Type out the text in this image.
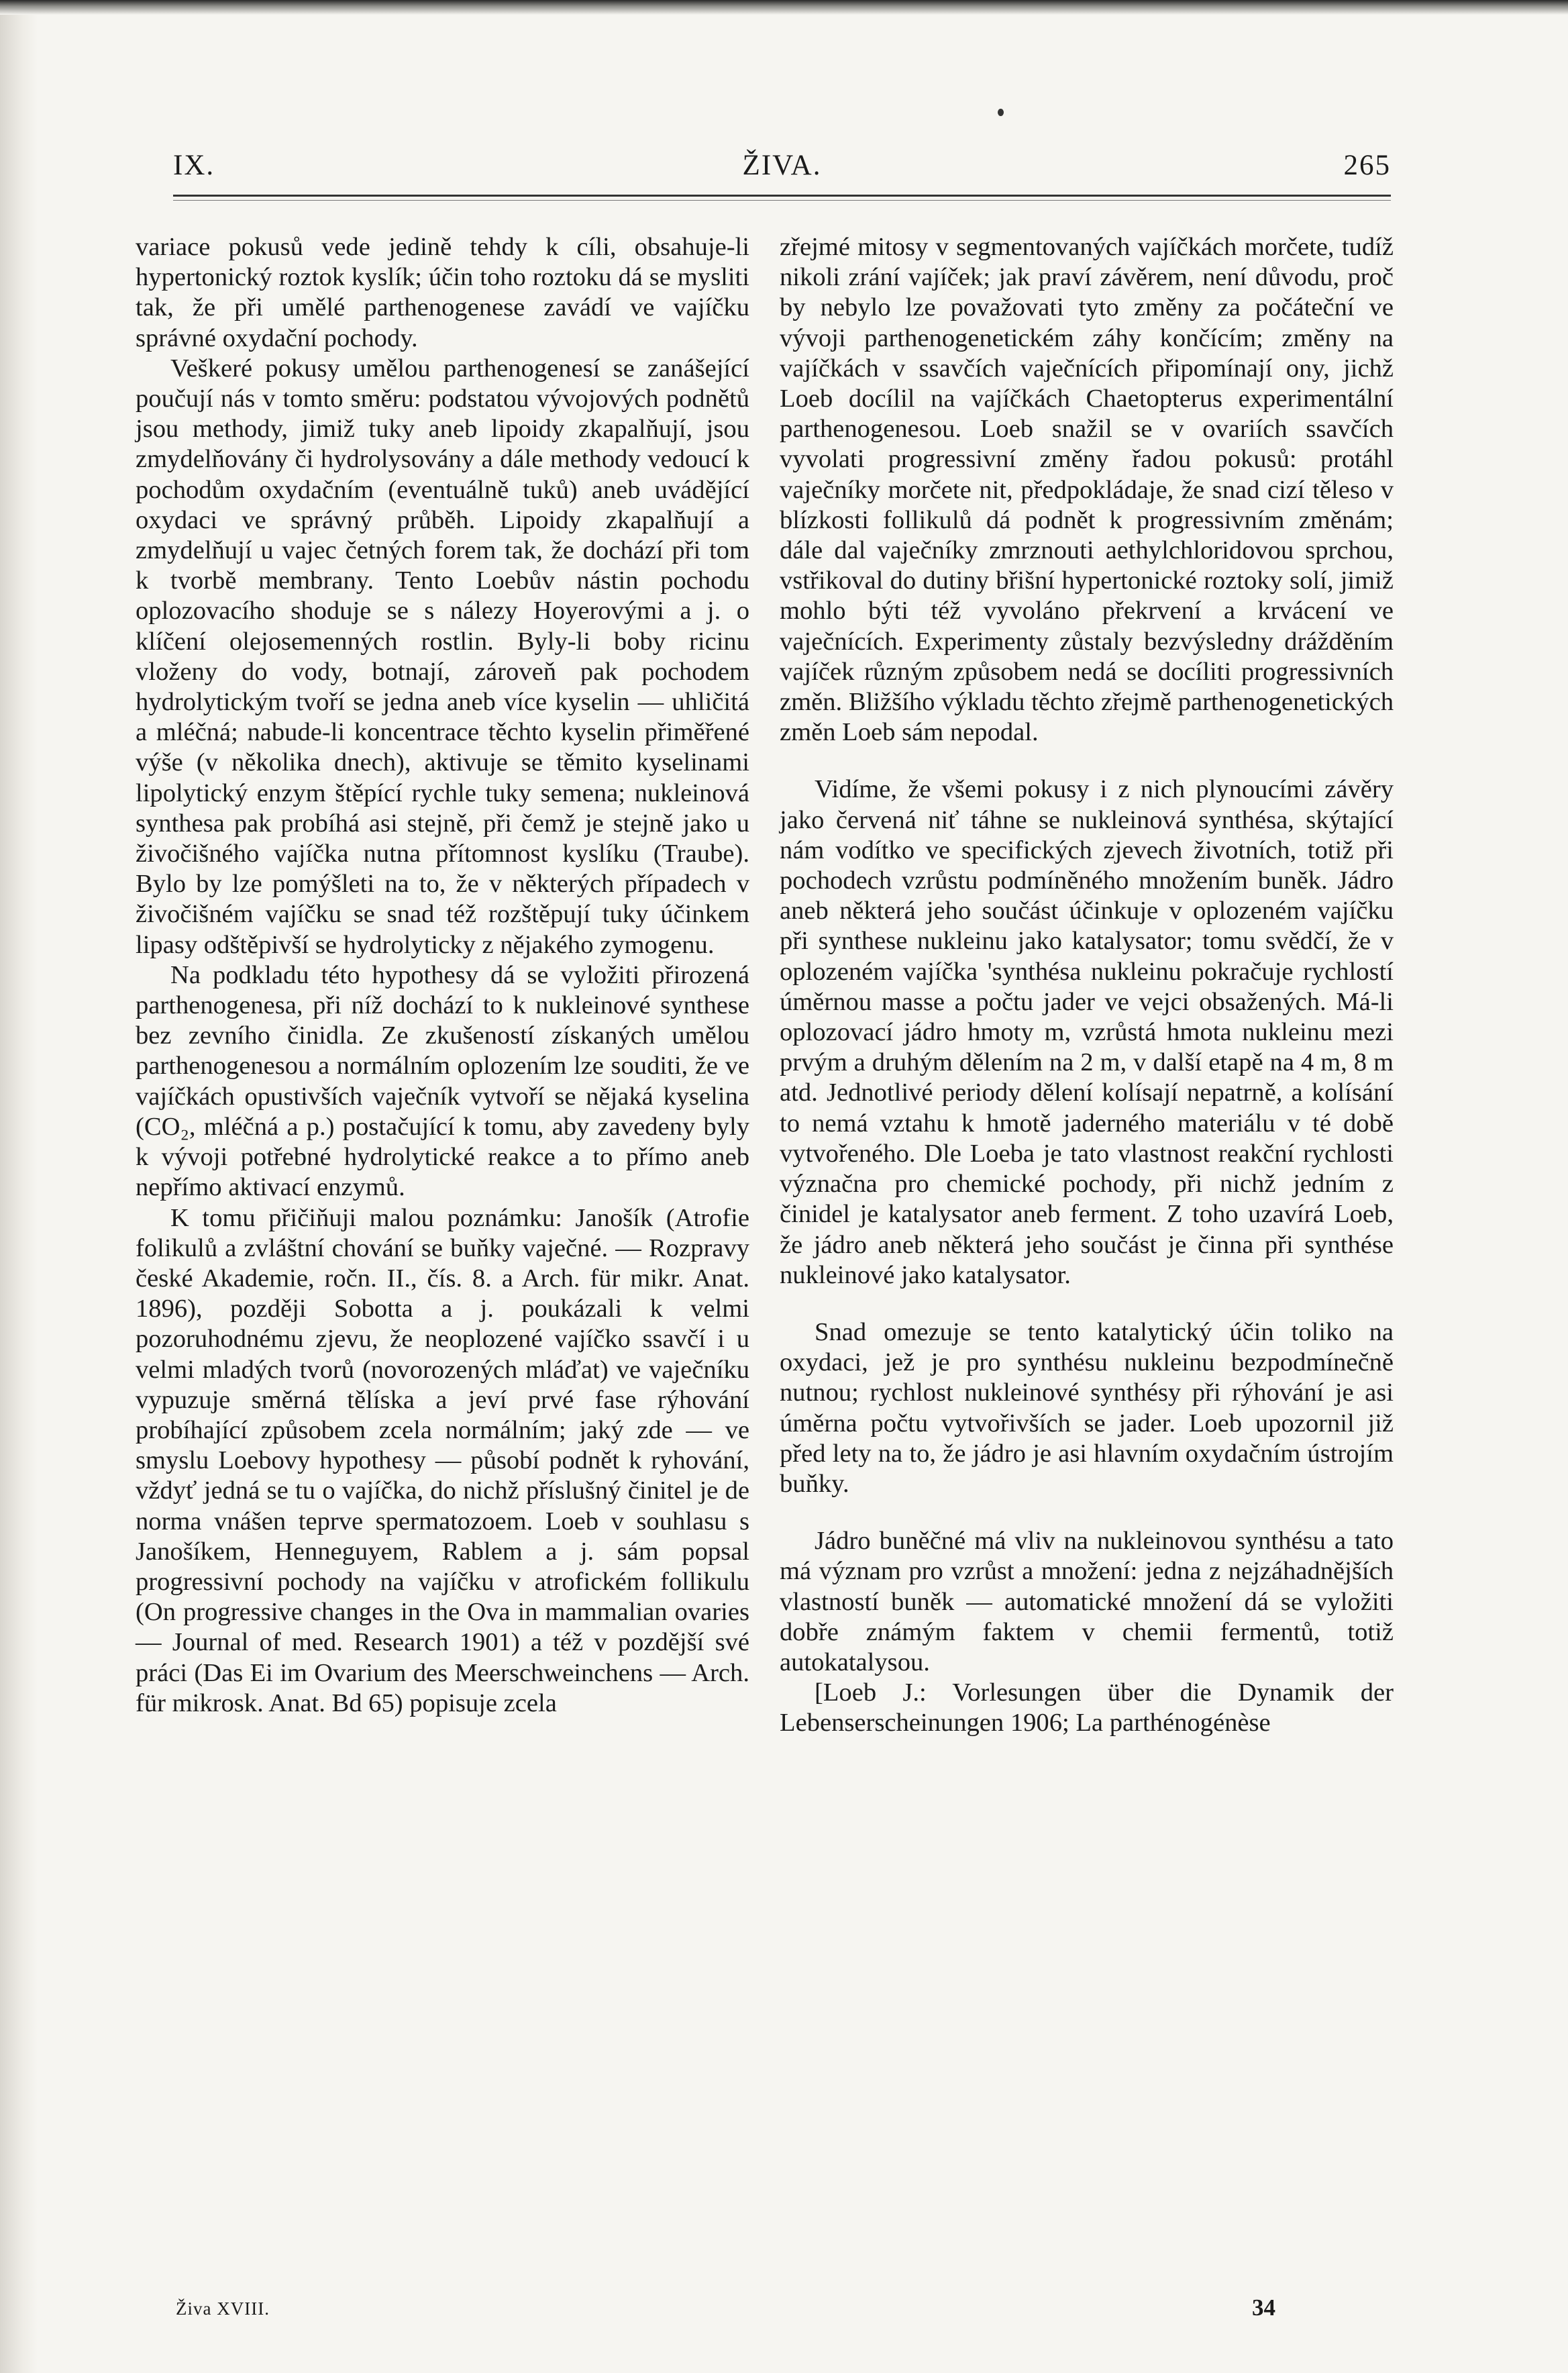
IX.	ŽIVA.	265

variace pokusů vede jedině tehdy k cíli, obsahuje-li hypertonický roztok kyslík; účin toho roztoku dá se mysliti tak, že při umělé parthenogenese zavádí ve vajíčku správné oxydační pochody.

Veškeré pokusy umělou parthenogenesí se zanášející poučují nás v tomto směru: podstatou vývojových podnětů jsou methody, jimiž tuky aneb lipoidy zkapalňují, jsou zmydelňovány či hydrolysovány a dále methody vedoucí k pochodům oxydačním (eventuálně tuků) aneb uvádějící oxydaci ve správný průběh. Lipoidy zkapalňují a zmydelňují u vajec četných forem tak, že dochází při tom k tvorbě membrany. Tento Loebův nástin pochodu oplozovacího shoduje se s nálezy Hoyerovými a j. o klíčení olejosemenných rostlin. Byly-li boby ricinu vloženy do vody, botnají, zároveň pak pochodem hydrolytickým tvoří se jedna aneb více kyselin — uhličitá a mléčná; nabude-li koncentrace těchto kyselin přiměřené výše (v několika dnech), aktivuje se těmito kyselinami lipolytický enzym štěpící rychle tuky semena; nukleinová synthesa pak probíhá asi stejně, při čemž je stejně jako u živočišného vajíčka nutna přítomnost kyslíku (Traube). Bylo by lze pomýšleti na to, že v některých případech v živočišném vajíčku se snad též rozštěpují tuky účinkem lipasy odštěpivší se hydrolyticky z nějakého zymogenu.

Na podkladu této hypothesy dá se vyložiti přirozená parthenogenesa, při níž dochází to k nukleinové synthese bez zevního činidla. Ze zkušeností získaných umělou parthenogenesou a normálním oplozením lze souditi, že ve vajíčkách opustivších vaječník vytvoří se nějaká kyselina (CO₂, mléčná a p.) postačující k tomu, aby zavedeny byly k vývoji potřebné hydrolytické reakce a to přímo aneb nepřímo aktivací enzymů.

K tomu přičiňuji malou poznámku: Janošík (Atrofie folikulů a zvláštní chování se buňky vaječné. — Rozpravy české Akademie, ročn. II., čís. 8. a Arch. für mikr. Anat. 1896), později Sobotta a j. poukázali k velmi pozoruhodnému zjevu, že neoplozené vajíčko ssavčí i u velmi mladých tvorů (novorozených mláďat) ve vaječníku vypuzuje směrná tělíska a jeví prvé fase rýhování probíhající způsobem zcela normálním; jaký zde — ve smyslu Loebovy hypothesy — působí podnět k ryhování, vždyť jedná se tu o vajíčka, do nichž příslušný činitel je de norma vnášen teprve spermatozoem. Loeb v souhlasu s Janošíkem, Henneguyem, Rablem a j. sám popsal progressivní pochody na vajíčku v atrofickém follikulu (On progressive changes in the Ova in mammalian ovaries — Journal of med. Research 1901) a též v pozdější své práci (Das Ei im Ovarium des Meerschweinchens — Arch. für mikrosk. Anat. Bd 65) popisuje zcela

zřejmé mitosy v segmentovaných vajíčkách morčete, tudíž nikoli zrání vajíček; jak praví závěrem, není důvodu, proč by nebylo lze považovati tyto změny za počáteční ve vývoji parthenogenetickém záhy končícím; změny na vajíčkách v ssavčích vaječnících připomínají ony, jichž Loeb docílil na vajíčkách Chaetopterus experimentální parthenogenesou. Loeb snažil se v ovariích ssavčích vyvolati progressivní změny řadou pokusů: protáhl vaječníky morčete nit, předpokládaje, že snad cizí těleso v blízkosti follikulů dá podnět k progressivním změnám; dále dal vaječníky zmrznouti aethylchloridovou sprchou, vstřikoval do dutiny břišní hypertonické roztoky solí, jimiž mohlo býti též vyvoláno překrvení a krvácení ve vaječnících. Experimenty zůstaly bezvýsledny drážděním vajíček různým způsobem nedá se docíliti progressivních změn. Bližšího výkladu těchto zřejmě parthenogenetických změn Loeb sám nepodal.

Vidíme, že všemi pokusy i z nich plynoucími závěry jako červená niť táhne se nukleinová synthésa, skýtající nám vodítko ve specifických zjevech životních, totiž při pochodech vzrůstu podmíněného množením buněk. Jádro aneb některá jeho součást účinkuje v oplozeném vajíčku při synthese nukleinu jako katalysator; tomu svědčí, že v oplozeném vajíčka 'synthésa nukleinu pokračuje rychlostí úměrnou masse a počtu jader ve vejci obsažených. Má-li oplozovací jádro hmoty m, vzrůstá hmota nukleinu mezi prvým a druhým dělením na 2 m, v další etapě na 4 m, 8 m atd. Jednotlivé periody dělení kolísají nepatrně, a kolísání to nemá vztahu k hmotě jaderného materiálu v té době vytvořeného. Dle Loeba je tato vlastnost reakční rychlosti význačna pro chemické pochody, při nichž jedním z činidel je katalysator aneb ferment. Z toho uzavírá Loeb, že jádro aneb některá jeho součást je činna při synthése nukleinové jako katalysator.

Snad omezuje se tento katalytický účin toliko na oxydaci, jež je pro synthésu nukleinu bezpodmínečně nutnou; rychlost nukleinové synthésy při rýhování je asi úměrna počtu vytvořivších se jader. Loeb upozornil již před lety na to, že jádro je asi hlavním oxydačním ústrojím buňky.

Jádro buněčné má vliv na nukleinovou synthésu a tato má význam pro vzrůst a množení: jedna z nejzáhadnějších vlastností buněk — automatické množení dá se vyložiti dobře známým faktem v chemii fermentů, totiž autokatalysou.

[Loeb J.: Vorlesungen über die Dynamik der Lebenserscheinungen 1906; La parthénogénèse

Živa XVIII.	34
